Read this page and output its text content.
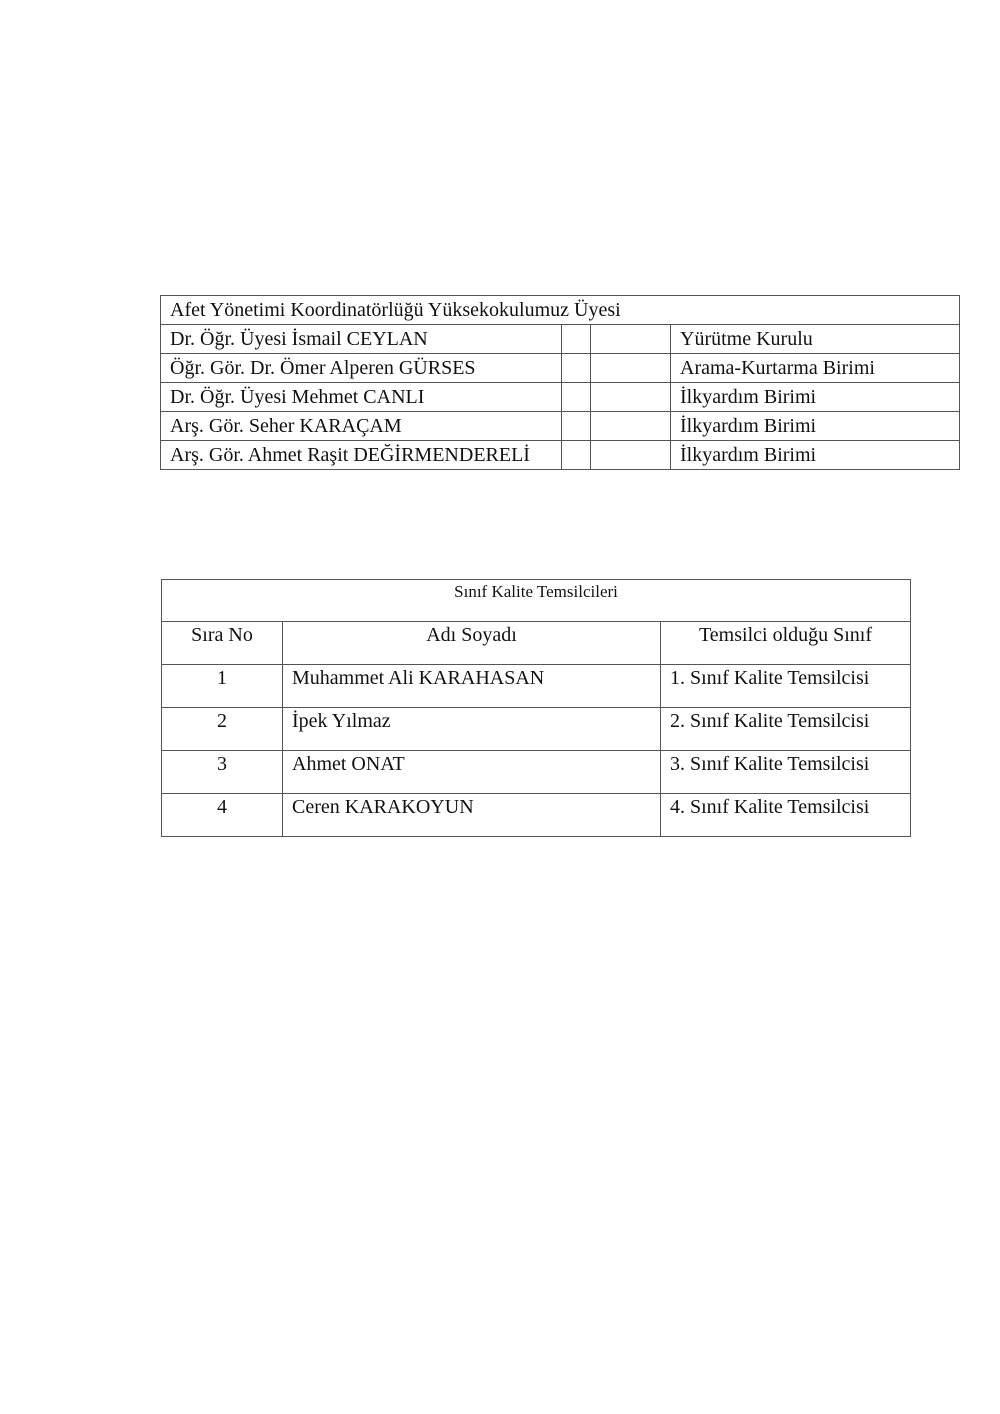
Afet Yönetimi Koordinatörlüğü Yüksekokulumuz Üyesi			
Dr. Öğr. Üyesi İsmail CEYLAN			Yürütme Kurulu
Öğr. Gör. Dr. Ömer Alperen GÜRSES			Arama-Kurtarma Birimi
Dr. Öğr. Üyesi Mehmet CANLI			İlkyardım Birimi
Arş. Gör. Seher KARAÇAM			İlkyardım Birimi
Arş. Gör. Ahmet Raşit DEĞİRMENDERELİ			İlkyardım Birimi
Sınıf Kalite Temsilcileri		
Sıra No	Adı Soyadı	Temsilci olduğu Sınıf
1	Muhammet Ali KARAHASAN	1. Sınıf Kalite Temsilcisi
2	İpek Yılmaz	2. Sınıf Kalite Temsilcisi
3	Ahmet ONAT	3. Sınıf Kalite Temsilcisi
4	Ceren KARAKOYUN	4. Sınıf Kalite Temsilcisi
